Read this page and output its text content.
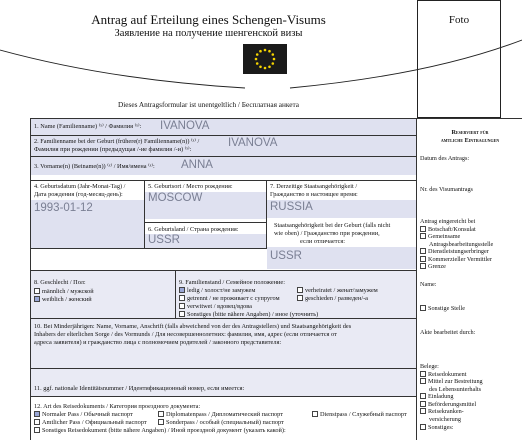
Antrag auf Erteilung eines Schengen-Visums
Заявление на получение шенгенской визы
Foto
Dieses Antragsformular ist unentgeltlich / Бесплатная анкета
1. Name (Familienname) ⁽ˣ⁾ / Фамилия ⁽ˣ⁾: IVANOVA
2. Familienname bei der Geburt (frühere(r) Familienname(n)) ⁽ˣ⁾ /
Фамилия при рождении (предыдущая /-ие фамилия /-и) ⁽ˣ⁾:
IVANOVA
3. Vorname(n) (Beiname(n)) ⁽ˣ⁾ / Имя/имена ⁽ˣ⁾: ANNA
4. Geburtsdatum (Jahr-Monat-Tag) /
Дата рождения (год-месяц-день):
1993-01-12
5. Geburtsort / Место рождения:
MOSCOW
6. Geburtsland / Страна рождения:
USSR
7. Derzeitige Staatsangehörigkeit /
Гражданство в настоящее время:
RUSSIA
Staatsangehörigkeit bei der Geburt (falls nicht
wie oben) / Гражданство при рождении,
если отличается:
USSR
8. Geschlecht / Пол:
männlich / мужской
weiblich / женский
9. Familienstand / Семейное положение:
ledig / холост/не замужем	verheiratet / женат/замужем
getrennt / не проживает с супругом	geschieden / разведен/-а
verwitwet / вдовец/вдова
Sonstiges (bitte nähere Angaben) / иное (уточнить)
10. Bei Minderjährigen: Name, Vorname, Anschrift (falls abweichend von der des Antragstellers) und Staatsangehörigkeit des
Inhabers der elterlichen Sorge / des Vormunds / Для несовершеннолетних: фамилия, имя, адрес (если отличается от
адреса заявителя) и гражданство лица с полномочием родителей / законного представителя:
11. ggf. nationale Identitätsnummer / Идентификационный номер, если имеется:
12. Art des Reisedokuments / Категория проездного документа:
Normaler Pass / Обычный паспорт	Diplomatenpass / Дипломатический паспорт	Dienstpass / Служебный паспорт
Amtlicher Pass / Официальный паспорт	Sonderpass / особый (специальный) паспорт
Sonstiges Reisedokument (bitte nähere Angaben) / Иной проездной документ (указать какой):
Reserviert für
amtliche Eintragungen
Datum des Antrags:
Nr. des Visumantrags
Antrag eingereicht bei
Botschaft/Konsulat
Gemeinsame
Antragsbearbeitungsstelle
Dienstleistungserbringer
Kommerzieller Vermittler
Grenze
Name:
Sonstige Stelle
Akte bearbeitet durch:
Belege:
Reisedokument
Mittel zur Bestreitung
des Lebensunterhalts
Einladung
Beförderungsmittel
Reisekranken-
versicherung
Sonstiges:
